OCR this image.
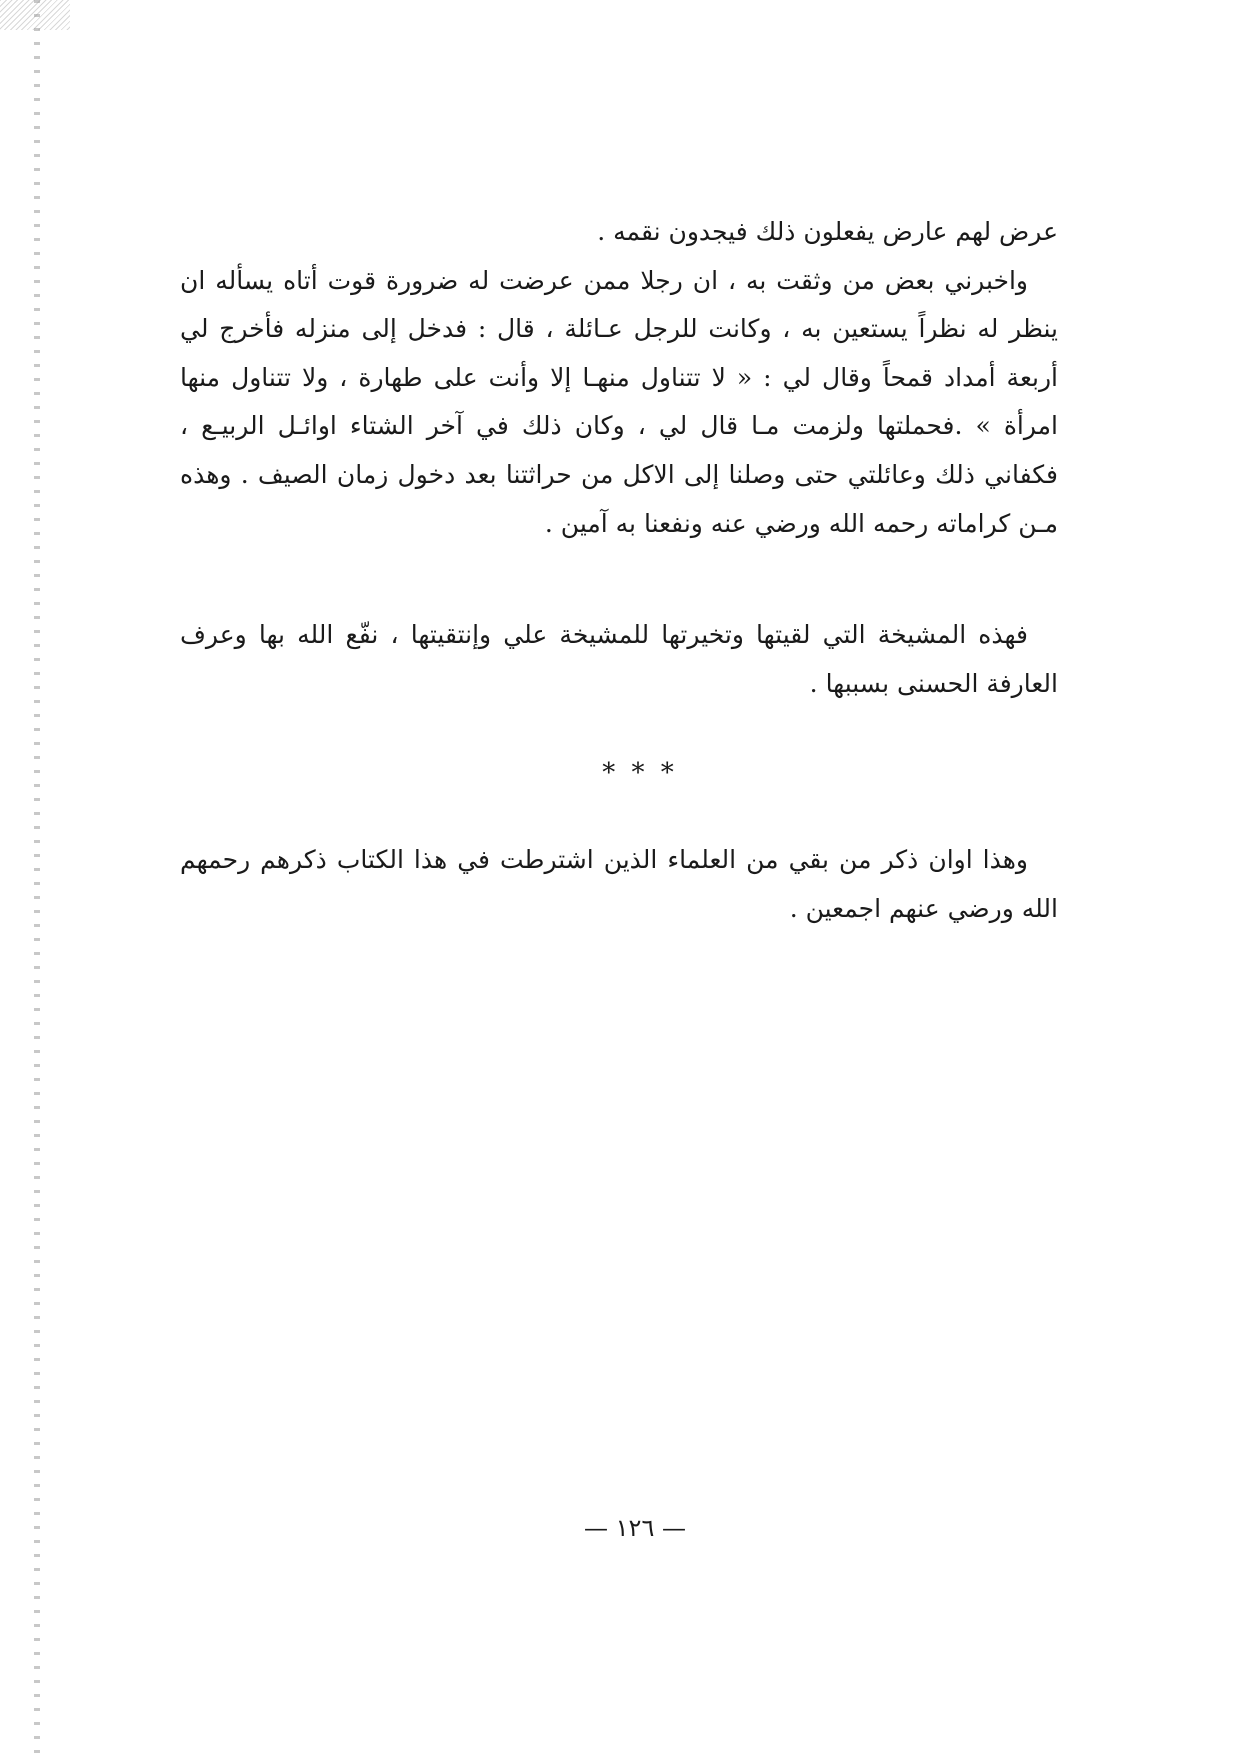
عرض لهم عارض يفعلون ذلك فيجدون نقمه .

واخبرني بعض من وثقت به ، ان رجلا ممن عرضت له ضرورة قوت أتاه يسأله ان ينظر له نظراً يستعين به ، وكانت للرجل عـائلة ، قال : فدخل إلى منزله فأخرج لي أربعة أمداد قمحاً وقال لي : « لا تتناول منهـا إلا وأنت على طهارة ، ولا تتناول منها امرأة » .فحملتها ولزمت مـا قال لي ، وكان ذلك في آخر الشتاء اوائـل الربيـع ، فكفاني ذلك وعائلتي حتى وصلنا إلى الاكل من حراثتنا بعد دخول زمان الصيف . وهذه مـن كراماته رحمه الله ورضي عنه ونفعنا به آمين .

فهذه المشيخة التي لقيتها وتخيرتها للمشيخة علي وإنتقيتها ، نفّع الله بها وعرف العارفة الحسنى بسببها .

* * *

وهذا اوان ذكر من بقي من العلماء الذين اشترطت في هذا الكتاب ذكرهم رحمهم الله ورضي عنهم اجمعين .

— ١٢٦ —
